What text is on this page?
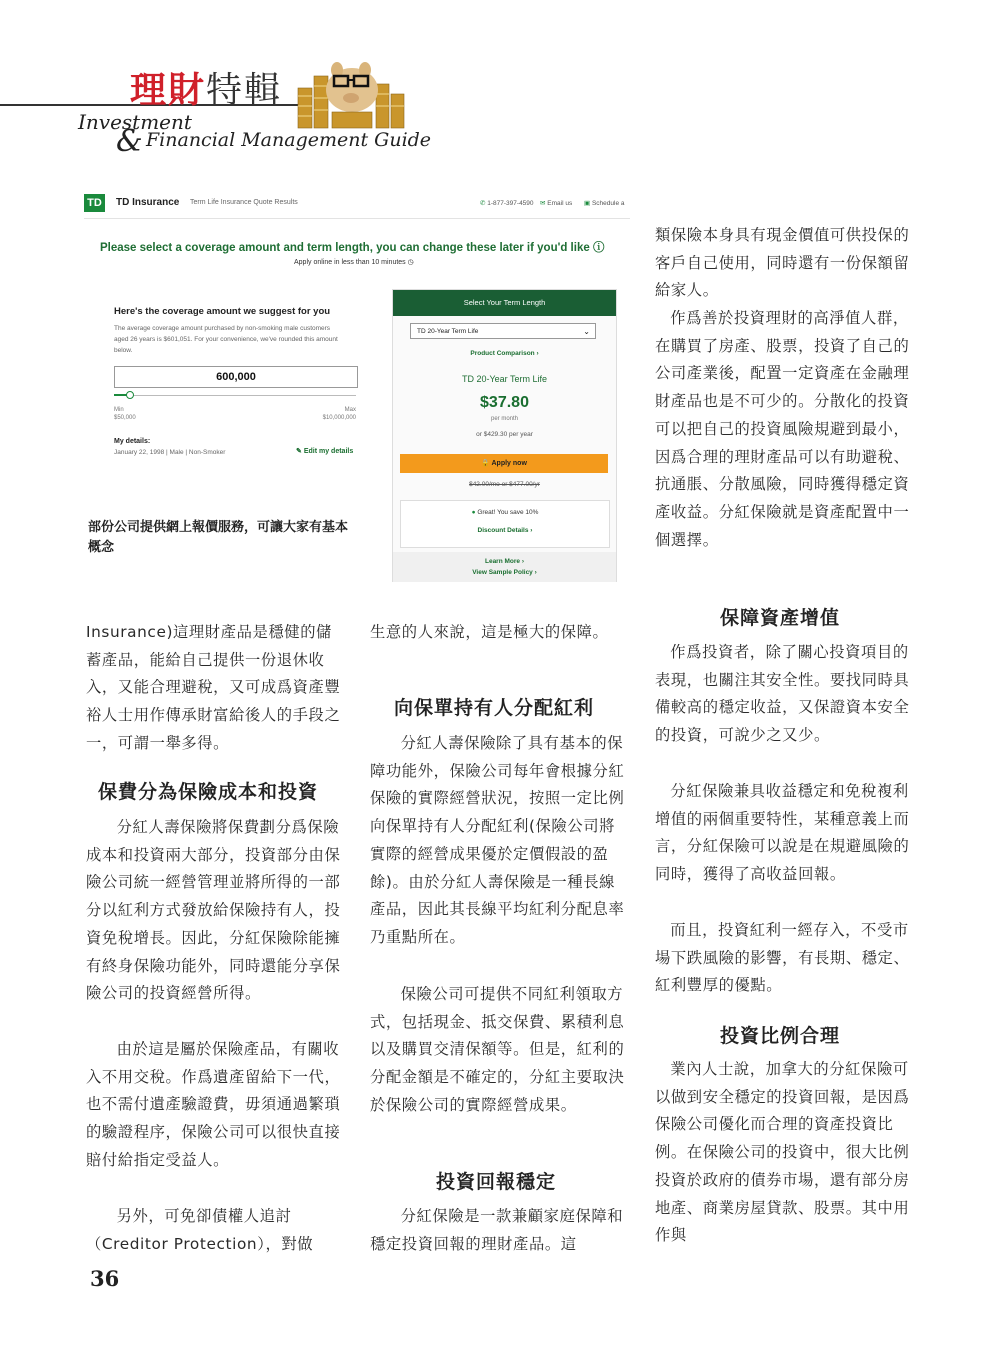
理財特輯
Investment
& Financial Management Guide
TD	TD Insurance Term Life Insurance Quote Results	✆ 1-877-397-4590 ✉ Email us ▣ Schedule a
Please select a coverage amount and term length, you can change these later if you'd like ⓘ
Apply online in less than 10 minutes ◷
Here's the coverage amount we suggest for you
The average coverage amount purchased by non-smoking male customers aged 26 years is $601,051. For your convenience, we've rounded this amount below.
600,000
Min
$50,000
Max
$10,000,000
My details:
January 22, 1998 | Male | Non-Smoker	✎ Edit my details
部份公司提供網上報價服務，可讓大家有基本概念
Select Your Term Length
TD 20-Year Term Life	⌄
Product Comparison ›
TD 20-Year Term Life
$37.80
per month
or $429.30 per year
🔒 Apply now
$42.00/mo or $477.00/yr
● Great! You save 10%
Discount Details ›
Learn More ›
View Sample Policy ›
Insurance)這理財產品是穩健的儲蓄產品，能給自己提供一份退休收入，又能合理避稅，又可成爲資產豐裕人士用作傳承財富給後人的手段之一，可謂一舉多得。
保費分為保險成本和投資
分紅人壽保險將保費劃分爲保險成本和投資兩大部分，投資部分由保險公司統一經營管理並將所得的一部分以紅利方式發放給保險持有人，投資免稅增長。因此，分紅保險除能擁有終身保險功能外，同時還能分享保險公司的投資經營所得。
由於這是屬於保險產品，有關收入不用交稅。作爲遺產留給下一代，也不需付遺產驗證費，毋須通過繁瑣的驗證程序，保險公司可以很快直接賠付給指定受益人。
另外，可免卻債權人追討（Creditor Protection），對做
生意的人來說，這是極大的保障。
向保單持有人分配紅利
分紅人壽保險除了具有基本的保障功能外，保險公司每年會根據分紅保險的實際經營狀況，按照一定比例向保單持有人分配紅利(保險公司將實際的經營成果優於定價假設的盈餘)。由於分紅人壽保險是一種長線產品，因此其長線平均紅利分配息率乃重點所在。
保險公司可提供不同紅利領取方式，包括現金、抵交保費、累積利息以及購買交清保額等。但是，紅利的分配金額是不確定的，分紅主要取決於保險公司的實際經營成果。
投資回報穩定
分紅保險是一款兼顧家庭保障和穩定投資回報的理財產品。這
類保險本身具有現金價值可供投保的客戶自己使用，同時還有一份保額留給家人。
作爲善於投資理財的高淨值人群，在購買了房產、股票，投資了自己的公司產業後，配置一定資產在金融理財產品也是不可少的。分散化的投資可以把自己的投資風險規避到最小，因爲合理的理財產品可以有助避稅、抗通脹、分散風險，同時獲得穩定資產收益。分紅保險就是資產配置中一個選擇。
保障資產增值
作爲投資者，除了關心投資項目的表現，也關注其安全性。要找同時具備較高的穩定收益，又保證資本安全的投資，可說少之又少。
分紅保險兼具收益穩定和免稅複利增值的兩個重要特性，某種意義上而言，分紅保險可以說是在規避風險的同時，獲得了高收益回報。
而且，投資紅利一經存入，不受市場下跌風險的影響，有長期、穩定、紅利豐厚的優點。
投資比例合理
業內人士說，加拿大的分紅保險可以做到安全穩定的投資回報，是因爲保險公司優化而合理的資產投資比例。在保險公司的投資中，很大比例投資於政府的債券市場，還有部分房地產、商業房屋貸款、股票。其中用作與
36
